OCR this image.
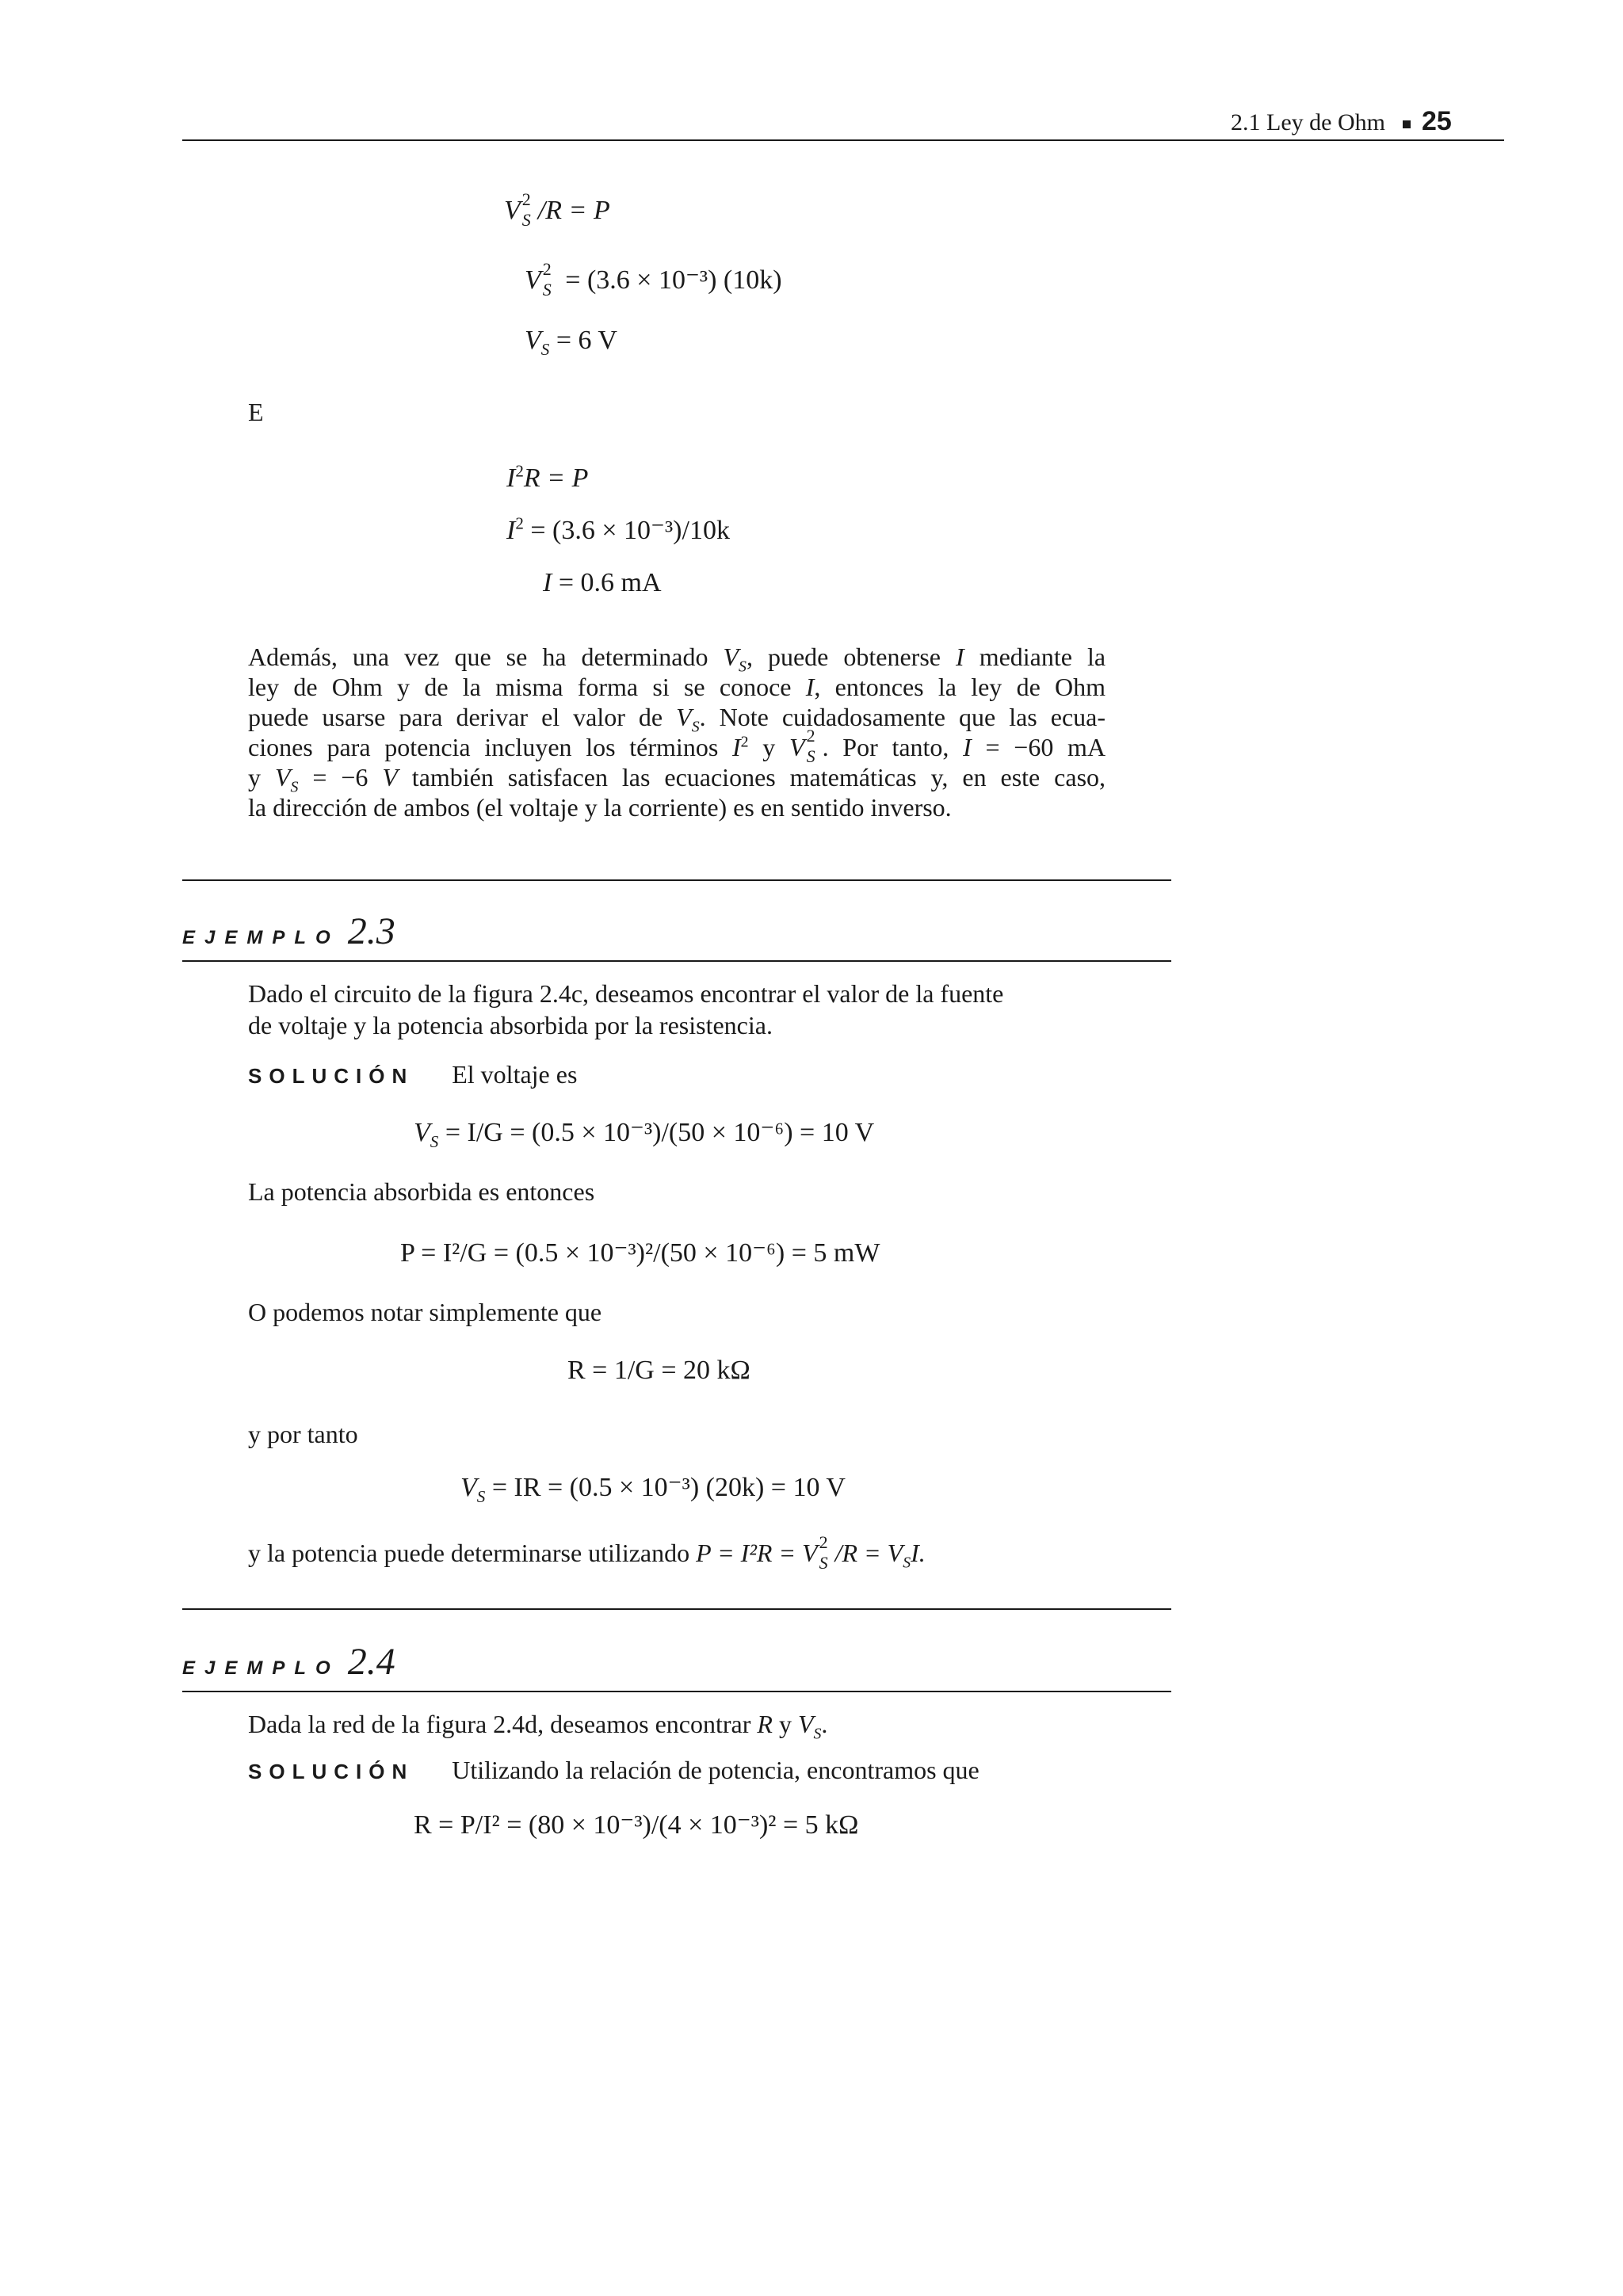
2.1 Ley de Ohm 25
V 2
S /R = P
V 2
S = (3.6 × 10⁻³) (10k)
$V_S = 6$ V
E
$I^2R = P$
$I^2 = (3.6 \times 10^{-3})/10k$
I = 0.6 mA
Además, una vez que se ha determinado $V_S$, puede obtenerse I mediante la
ley de Ohm y de la misma forma si se conoce I, entonces la ley de Ohm
puede usarse para derivar el valor de $V_S$. Note cuidadosamente que las ecua-
ciones para potencia incluyen los términos $I^2$ y V 2
S . Por tanto, I = −60 mA
y $V_S = -6$ V también satisfacen las ecuaciones matemáticas y, en este caso,
la dirección de ambos (el voltaje y la corriente) es en sentido inverso.
EJEMPLO 2.3
Dado el circuito de la figura 2.4c, deseamos encontrar el valor de la fuente
de voltaje y la potencia absorbida por la resistencia.
SOLUCIÓN El voltaje es
$V_S = I/G = (0.5 \times 10^{-3})/(50 \times 10^{-6}) = 10$ V
La potencia absorbida es entonces
P = I²/G = (0.5 × 10⁻³)²/(50 × 10⁻⁶) = 5 mW
O podemos notar simplemente que
R = 1/G = 20 kΩ
y por tanto
$V_S$ = IR = (0.5 × 10⁻³) (20k) = 10 V
y la potencia puede determinarse utilizando P = I²R = V 2
S $/R = V_SI$.
EJEMPLO 2.4
Dada la red de la figura 2.4d, deseamos encontrar R y $V_S$.
SOLUCIÓN Utilizando la relación de potencia, encontramos que
R = P/I² = (80 × 10⁻³)/(4 × 10⁻³)² = 5 kΩ
